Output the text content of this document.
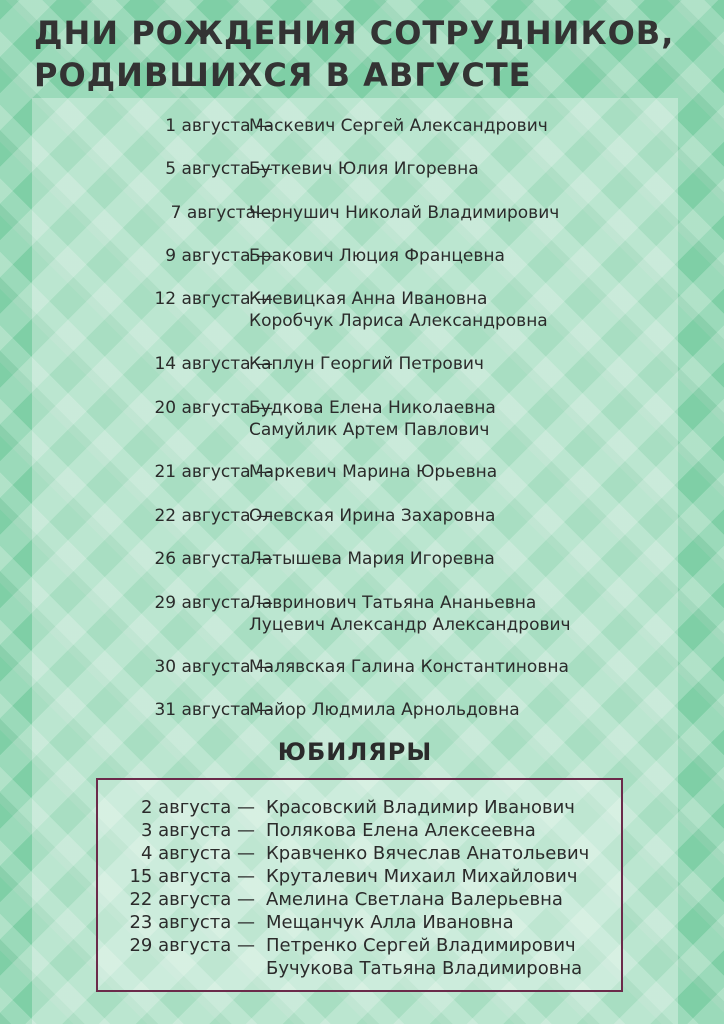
ДНИ РОЖДЕНИЯ СОТРУДНИКОВ,
РОДИВШИХСЯ В АВГУСТЕ
1 августа —
Маскевич Сергей Александрович
5 августа —
Буткевич Юлия Игоревна
7 августа—
Чернушич Николай Владимирович
9 августа —
Бракович Люция Францевна
12 августа —
Киевицкая Анна Ивановна
Коробчук Лариса Александровна
14 августа —
Каплун Георгий Петрович
20 августа —
Будкова Елена Николаевна
Самуйлик Артем Павлович
21 августа —
Маркевич Марина Юрьевна
22 августа —
Олевская Ирина Захаровна
26 августа —
Латышева Мария Игоревна
29 августа —
Лавринович Татьяна Ананьевна
Луцевич Александр Александрович
30 августа —
Малявская Галина Константиновна
31 августа —
Майор Людмила Арнольдовна
ЮБИЛЯРЫ
2 августа — Красовский Владимир Иванович
3 августа — Полякова Елена Алексеевна
4 августа — Кравченко Вячеслав Анатольевич
15 августа — Круталевич Михаил Михайлович
22 августа — Амелина Светлана Валерьевна
23 августа — Мещанчук Алла Ивановна
29 августа — Петренко Сергей Владимирович
Бучукова Татьяна Владимировна
